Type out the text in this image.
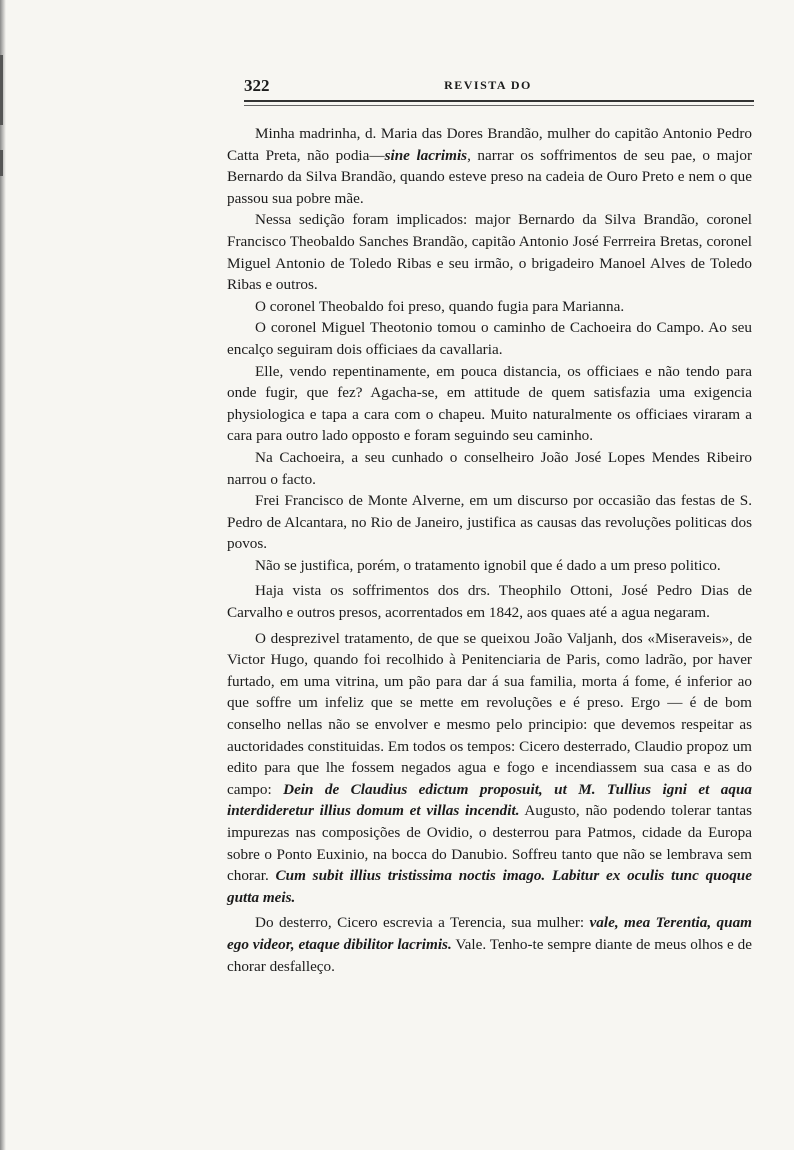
322	REVISTA DO

Minha madrinha, d. Maria das Dores Brandão, mulher do capitão Antonio Pedro Catta Preta, não podia—sine lacrimis, narrar os soffrimentos de seu pae, o major Bernardo da Silva Brandão, quando esteve preso na cadeia de Ouro Preto e nem o que passou sua pobre mãe.

Nessa sedição foram implicados: major Bernardo da Silva Brandão, coronel Francisco Theobaldo Sanches Brandão, capitão Antonio José Ferrreira Bretas, coronel Miguel Antonio de Toledo Ribas e seu irmão, o brigadeiro Manoel Alves de Toledo Ribas e outros.

O coronel Theobaldo foi preso, quando fugia para Marianna.

O coronel Miguel Theotonio tomou o caminho de Cachoeira do Campo. Ao seu encalço seguiram dois officiaes da cavallaria.

Elle, vendo repentinamente, em pouca distancia, os officiaes e não tendo para onde fugir, que fez? Agacha-se, em attitude de quem satisfazia uma exigencia physiologica e tapa a cara com o chapeu. Muito naturalmente os officiaes viraram a cara para outro lado opposto e foram seguindo seu caminho.

Na Cachoeira, a seu cunhado o conselheiro João José Lopes Mendes Ribeiro narrou o facto.

Frei Francisco de Monte Alverne, em um discurso por occasião das festas de S. Pedro de Alcantara, no Rio de Janeiro, justifica as causas das revoluções politicas dos povos.

Não se justifica, porém, o tratamento ignobil que é dado a um preso politico.

Haja vista os soffrimentos dos drs. Theophilo Ottoni, José Pedro Dias de Carvalho e outros presos, acorrentados em 1842, aos quaes até a agua negaram.

O desprezivel tratamento, de que se queixou João Valjanh, dos «Miseraveis», de Victor Hugo, quando foi recolhido à Penitenciaria de Paris, como ladrão, por haver furtado, em uma vitrina, um pão para dar á sua familia, morta á fome, é inferior ao que soffre um infeliz que se mette em revoluções e é preso. Ergo — é de bom conselho nellas não se envolver e mesmo pelo principio: que devemos respeitar as auctoridades constituidas. Em todos os tempos: Cicero desterrado, Claudio propoz um edito para que lhe fossem negados agua e fogo e incendiassem sua casa e as do campo: Dein de Claudius edictum proposuit, ut M. Tullius igni et aqua interdideretur illius domum et villas incendit. Augusto, não podendo tolerar tantas impurezas nas composições de Ovidio, o desterrou para Patmos, cidade da Europa sobre o Ponto Euxinio, na bocca do Danubio. Soffreu tanto que não se lembrava sem chorar. Cum subit illius tristissima noctis imago. Labitur ex oculis tunc quoque gutta meis.

Do desterro, Cicero escrevia a Terencia, sua mulher: vale, mea Terentia, quam ego videor, etaque dibilitor lacrimis. Vale. Tenho-te sempre diante de meus olhos e de chorar desfalleço.
